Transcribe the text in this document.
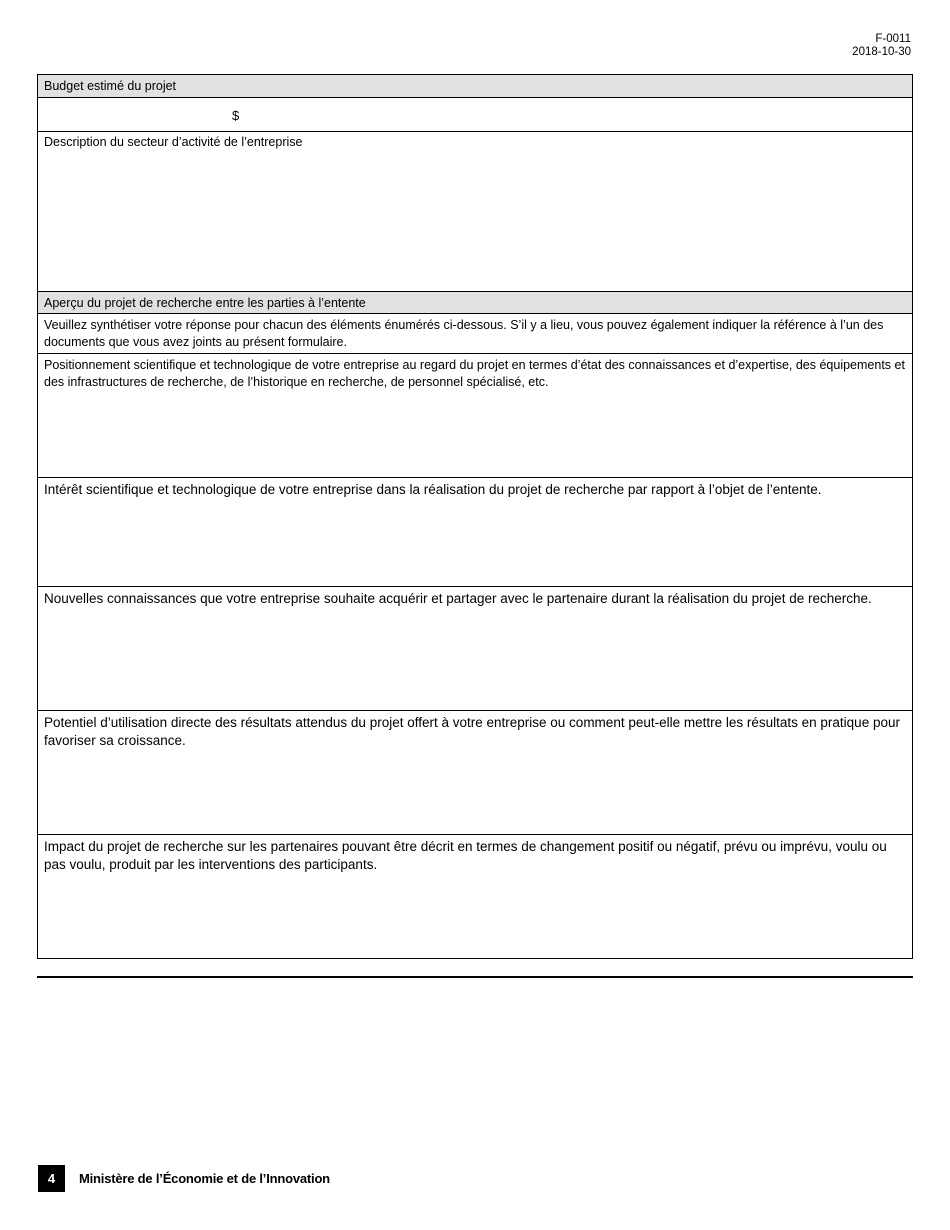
F-0011
2018-10-30
Budget estimé du projet
$
Description du secteur d’activité de l’entreprise
Aperçu du projet de recherche entre les parties à l’entente
Veuillez synthétiser votre réponse pour chacun des éléments énumérés ci-dessous. S’il y a lieu, vous pouvez également indiquer la référence à l’un des documents que vous avez joints au présent formulaire.
Positionnement scientifique et technologique de votre entreprise au regard du projet en termes d’état des connaissances et d’expertise, des équipements et des infrastructures de recherche, de l’historique en recherche, de personnel spécialisé, etc.
Intérêt scientifique et technologique de votre entreprise dans la réalisation du projet de recherche par rapport à l’objet de l’entente.
Nouvelles connaissances que votre entreprise souhaite acquérir et partager avec le partenaire durant la réalisation du projet de recherche.
Potentiel d’utilisation directe des résultats attendus du projet offert à votre entreprise ou comment peut-elle mettre les résultats en pratique pour favoriser sa croissance.
Impact du projet de recherche sur les partenaires pouvant être décrit en termes de changement positif ou négatif, prévu ou imprévu, voulu ou pas voulu, produit par les interventions des participants.
4	Ministère de l’Économie et de l’Innovation
